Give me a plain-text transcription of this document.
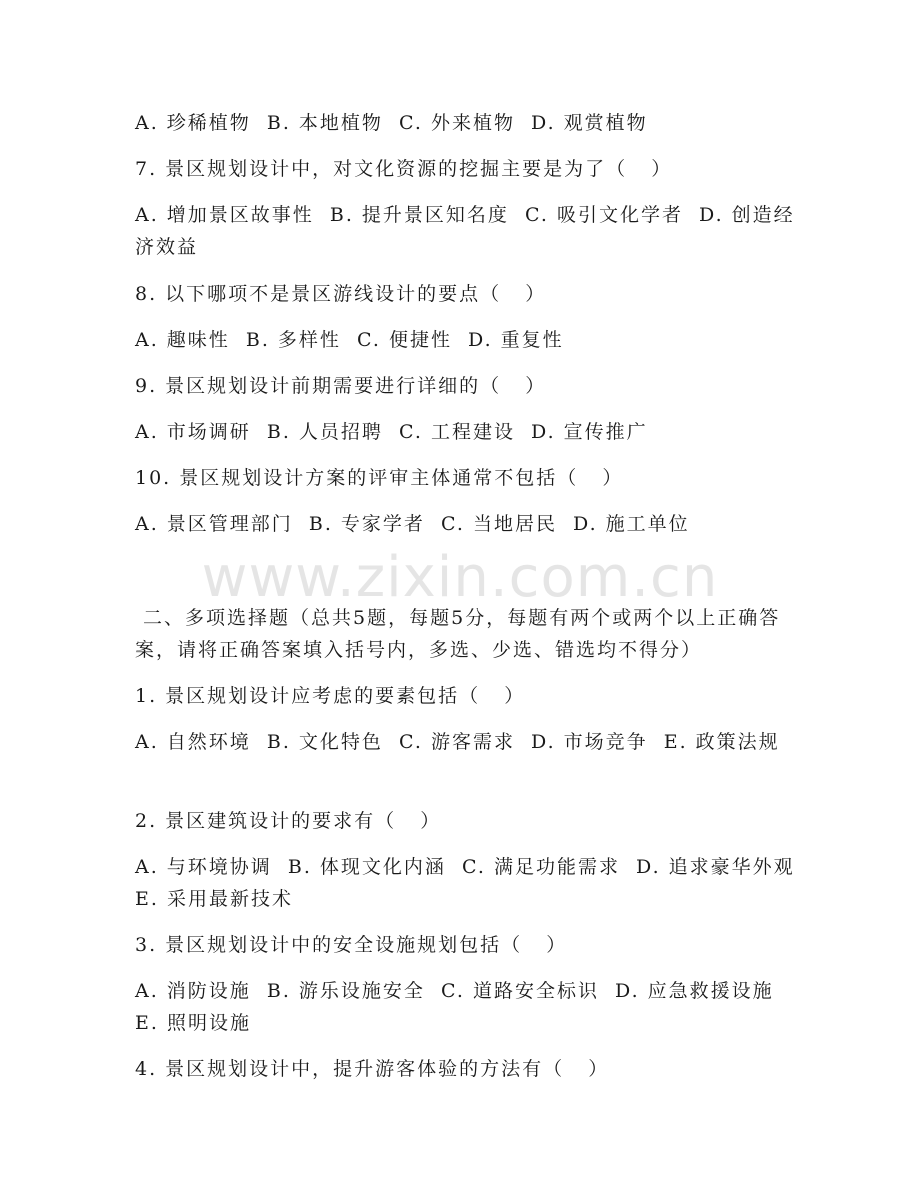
A. 珍稀植物  B. 本地植物  C. 外来植物  D. 观赏植物

7. 景区规划设计中，对文化资源的挖掘主要是为了（   ）

A. 增加景区故事性  B. 提升景区知名度  C. 吸引文化学者  D. 创造经济效益

8. 以下哪项不是景区游线设计的要点（   ）

A. 趣味性  B. 多样性  C. 便捷性  D. 重复性

9. 景区规划设计前期需要进行详细的（   ）

A. 市场调研  B. 人员招聘  C. 工程建设  D. 宣传推广

10. 景区规划设计方案的评审主体通常不包括（   ）

A. 景区管理部门  B. 专家学者  C. 当地居民  D. 施工单位

www.zixin.com.cn

二、多项选择题（总共5题，每题5分，每题有两个或两个以上正确答案，请将正确答案填入括号内，多选、少选、错选均不得分）

1. 景区规划设计应考虑的要素包括（   ）

A. 自然环境  B. 文化特色  C. 游客需求  D. 市场竞争  E. 政策法规

2. 景区建筑设计的要求有（   ）

A. 与环境协调  B. 体现文化内涵  C. 满足功能需求  D. 追求豪华外观  E. 采用最新技术

3. 景区规划设计中的安全设施规划包括（   ）

A. 消防设施  B. 游乐设施安全  C. 道路安全标识  D. 应急救援设施  E. 照明设施

4. 景区规划设计中，提升游客体验的方法有（   ）
